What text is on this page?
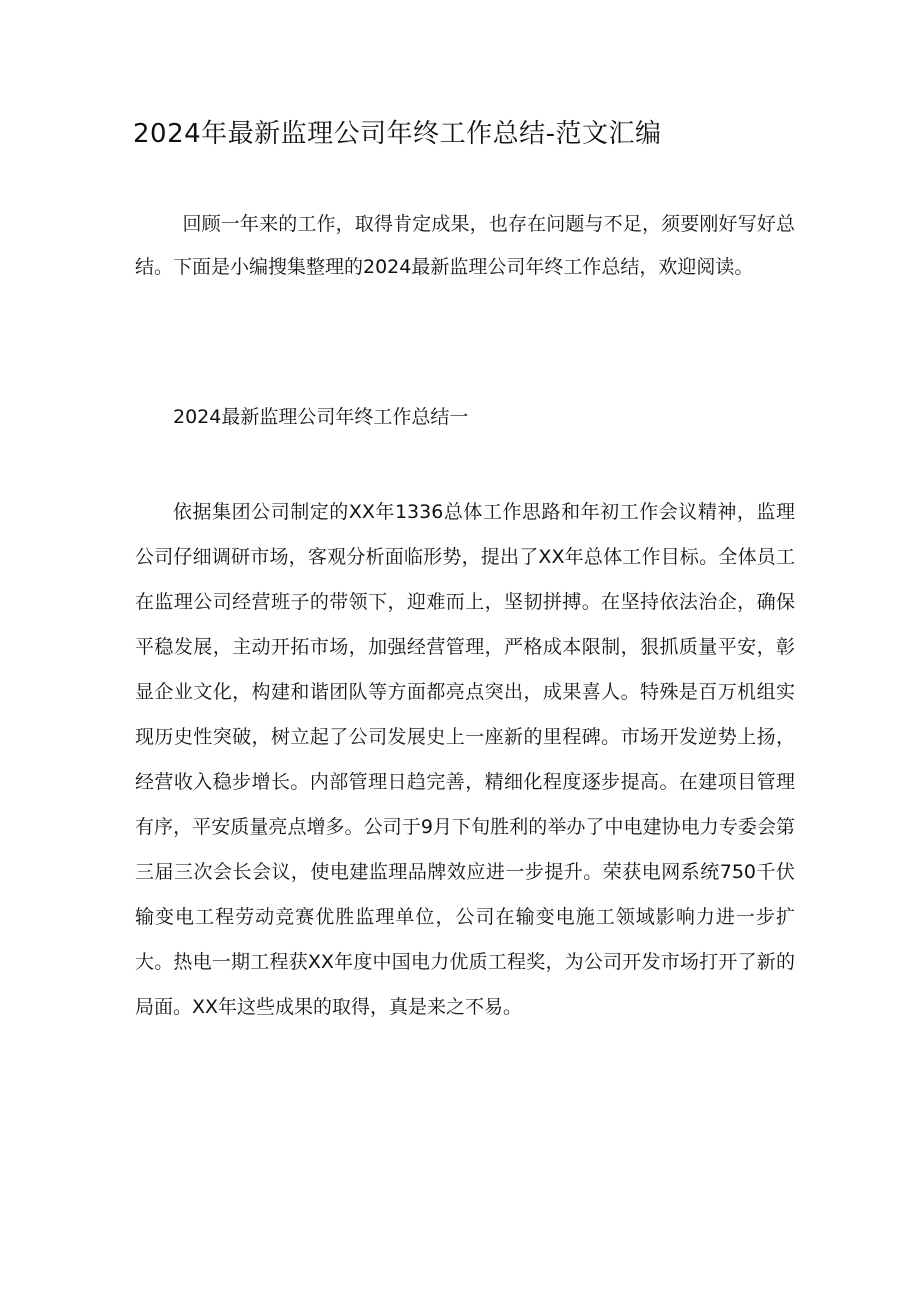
2024年最新监理公司年终工作总结-范文汇编

回顾一年来的工作，取得肯定成果，也存在问题与不足，须要刚好写好总结。下面是小编搜集整理的2024最新监理公司年终工作总结，欢迎阅读。

2024最新监理公司年终工作总结一

依据集团公司制定的XX年1336总体工作思路和年初工作会议精神，监理公司仔细调研市场，客观分析面临形势，提出了XX年总体工作目标。全体员工在监理公司经营班子的带领下，迎难而上，坚韧拼搏。在坚持依法治企，确保平稳发展，主动开拓市场，加强经营管理，严格成本限制，狠抓质量平安，彰显企业文化，构建和谐团队等方面都亮点突出，成果喜人。特殊是百万机组实现历史性突破，树立起了公司发展史上一座新的里程碑。市场开发逆势上扬，经营收入稳步增长。内部管理日趋完善，精细化程度逐步提高。在建项目管理有序，平安质量亮点增多。公司于9月下旬胜利的举办了中电建协电力专委会第三届三次会长会议，使电建监理品牌效应进一步提升。荣获电网系统750千伏输变电工程劳动竞赛优胜监理单位，公司在输变电施工领域影响力进一步扩大。热电一期工程获XX年度中国电力优质工程奖，为公司开发市场打开了新的局面。XX年这些成果的取得，真是来之不易。
